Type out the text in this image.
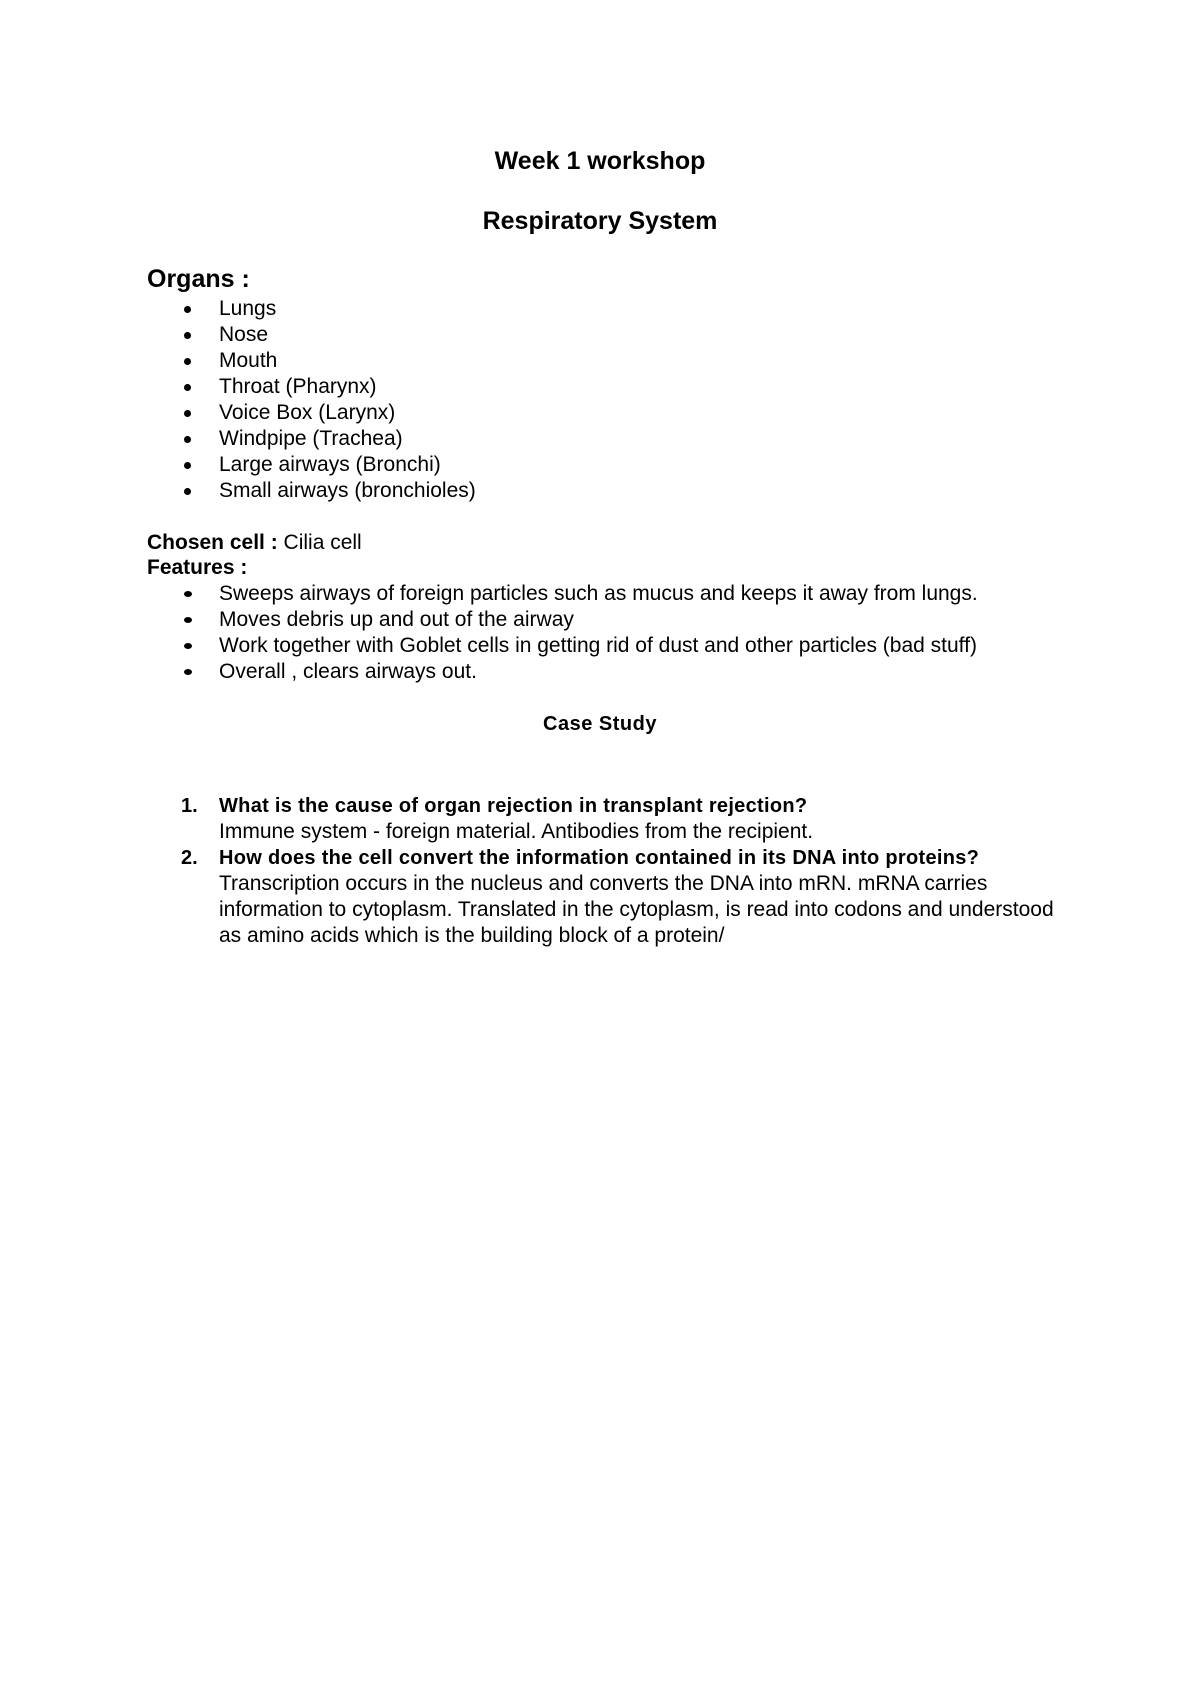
Week 1 workshop
Respiratory System
Organs :
Lungs
Nose
Mouth
Throat (Pharynx)
Voice Box (Larynx)
Windpipe (Trachea)
Large airways (Bronchi)
Small airways (bronchioles)
Chosen cell : Cilia cell
Features :
Sweeps airways of foreign particles such as mucus and keeps it away from lungs.
Moves debris up and out of the airway
Work together with Goblet cells in getting rid of dust and other particles (bad stuff)
Overall , clears airways out.
Case Study
1. What is the cause of organ rejection in transplant rejection?
Immune system - foreign material. Antibodies from the recipient.
2. How does the cell convert the information contained in its DNA into proteins?
Transcription occurs in the nucleus and converts the DNA into mRN. mRNA carries information to cytoplasm. Translated in the cytoplasm, is read into codons and understood as amino acids which is the building block of a protein/
